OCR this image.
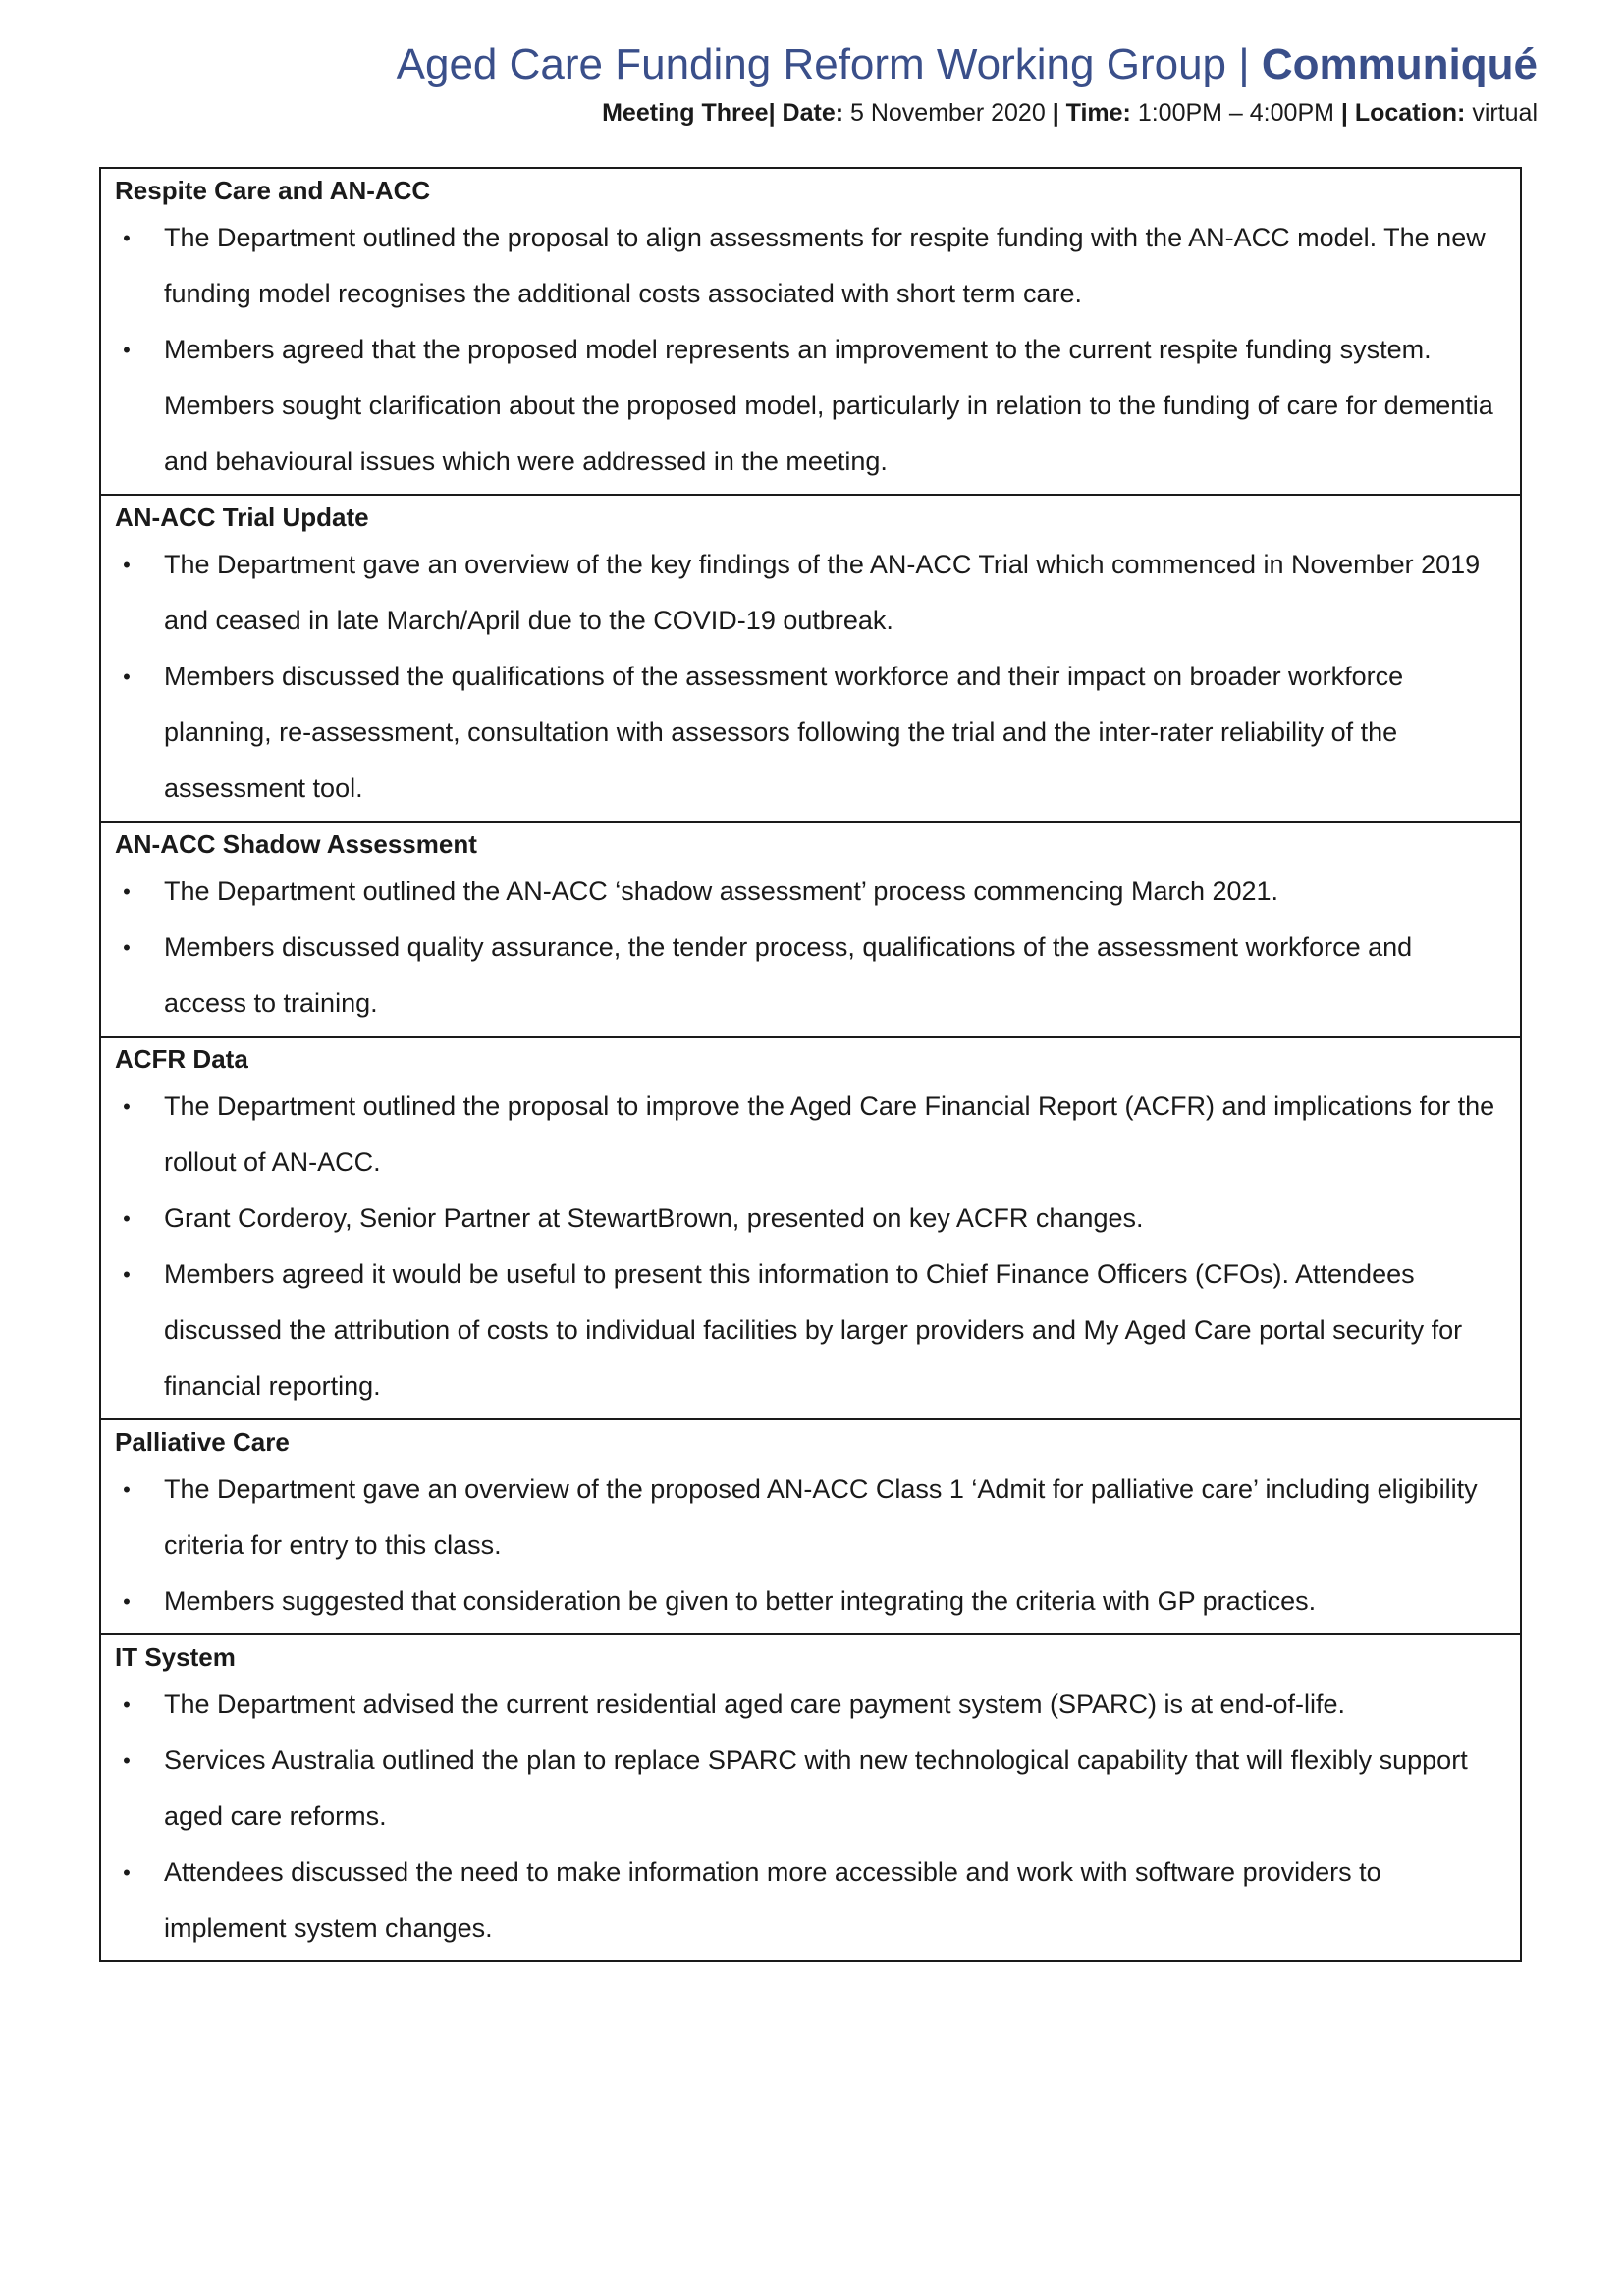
Aged Care Funding Reform Working Group | Communiqué
Meeting Three| Date: 5 November 2020 | Time: 1:00PM – 4:00PM | Location: virtual
Respite Care and AN-ACC
•	The Department outlined the proposal to align assessments for respite funding with the AN-ACC model. The new funding model recognises the additional costs associated with short term care.
•	Members agreed that the proposed model represents an improvement to the current respite funding system. Members sought clarification about the proposed model, particularly in relation to the funding of care for dementia and behavioural issues which were addressed in the meeting.
AN-ACC Trial Update
•	The Department gave an overview of the key findings of the AN-ACC Trial which commenced in November 2019 and ceased in late March/April due to the COVID-19 outbreak.
•	Members discussed the qualifications of the assessment workforce and their impact on broader workforce planning, re-assessment, consultation with assessors following the trial and the inter-rater reliability of the assessment tool.
AN-ACC Shadow Assessment
•	The Department outlined the AN-ACC ‘shadow assessment’ process commencing March 2021.
•	Members discussed quality assurance, the tender process, qualifications of the assessment workforce and access to training.
ACFR Data
•	The Department outlined the proposal to improve the Aged Care Financial Report (ACFR) and implications for the rollout of AN-ACC.
•	Grant Corderoy, Senior Partner at StewartBrown, presented on key ACFR changes.
•	Members agreed it would be useful to present this information to Chief Finance Officers (CFOs). Attendees discussed the attribution of costs to individual facilities by larger providers and My Aged Care portal security for financial reporting.
Palliative Care
•	The Department gave an overview of the proposed AN-ACC Class 1 ‘Admit for palliative care’ including eligibility criteria for entry to this class.
•	Members suggested that consideration be given to better integrating the criteria with GP practices.
IT System
•	The Department advised the current residential aged care payment system (SPARC) is at end-of-life.
•	Services Australia outlined the plan to replace SPARC with new technological capability that will flexibly support aged care reforms.
•	Attendees discussed the need to make information more accessible and work with software providers to implement system changes.
